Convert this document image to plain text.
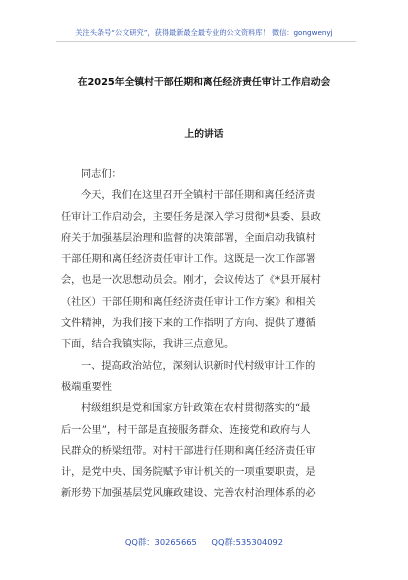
关注头条号“公文研究”，获得最新最全最专业的公文资料库！ 微信：gongwenyj
在2025年全镇村干部任期和离任经济责任审计工作启动会
上的讲话

同志们：

今天，我们在这里召开全镇村干部任期和离任经济责

任审计工作启动会，主要任务是深入学习贯彻*县委、县政

府关于加强基层治理和监督的决策部署，全面启动我镇村

干部任期和离任经济责任审计工作。这既是一次工作部署

会，也是一次思想动员会。刚才，会议传达了《*县开展村

（社区）干部任期和离任经济责任审计工作方案》和相关

文件精神，为我们接下来的工作指明了方向、提供了遵循

下面，结合我镇实际，我讲三点意见。

一、提高政治站位，深刻认识新时代村级审计工作的

极端重要性

村级组织是党和国家方针政策在农村贯彻落实的“最

后一公里”，村干部是直接服务群众、连接党和政府与人

民群众的桥梁纽带。对村干部进行任期和离任经济责任审

计，是党中央、国务院赋予审计机关的一项重要职责，是

新形势下加强基层党风廉政建设、完善农村治理体系的必

QQ群：30265665 QQ群:535304092
